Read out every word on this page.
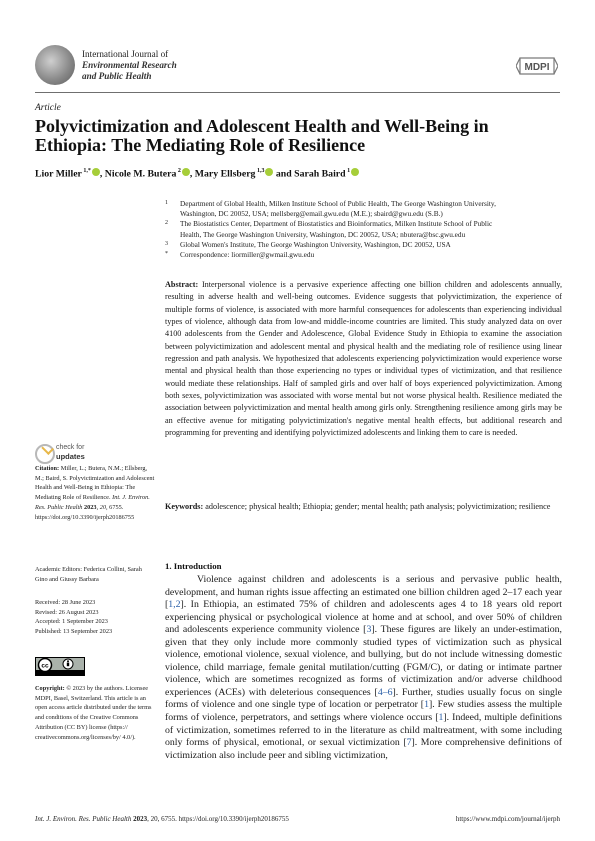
International Journal of
Environmental Research
and Public Health
MDPI
Article
Polyvictimization and Adolescent Health and Well-Being in Ethiopia: The Mediating Role of Resilience
Lior Miller $^{1,*}$ , Nicole M. Butera $^2$ , Mary Ellsberg $^{1,3}$ and Sarah Baird $^1$
1 Department of Global Health, Milken Institute School of Public Health, The George Washington University,
Washington, DC 20052, USA; mellsberg@email.gwu.edu (M.E.); sbaird@gwu.edu (S.B.)
2 The Biostatistics Center, Department of Biostatistics and Bioinformatics, Milken Institute School of Public
Health, The George Washington University, Washington, DC 20052, USA; nbutera@bsc.gwu.edu
3 Global Women's Institute, The George Washington University, Washington, DC 20052, USA
* Correspondence: liormiller@gwmail.gwu.edu
Abstract: Interpersonal violence is a pervasive experience affecting one billion children and adolescents annually, resulting in adverse health and well-being outcomes. Evidence suggests that polyvictimization, the experience of multiple forms of violence, is associated with more harmful consequences for adolescents than experiencing individual types of violence, although data from low-and middle-income countries are limited. This study analyzed data on over 4100 adolescents from the Gender and Adolescence, Global Evidence Study in Ethiopia to examine the association between polyvictimization and adolescent mental and physical health and the mediating role of resilience using linear regression and path analysis. We hypothesized that adolescents experiencing polyvictimization would experience worse mental and physical health than those experiencing no types or individual types of victimization, and that resilience would mediate these relationships. Half of sampled girls and over half of boys experienced polyvictimization. Among both sexes, polyvictimization was associated with worse mental but not worse physical health. Resilience mediated the association between polyvictimization and mental health among girls only. Strengthening resilience among girls may be an effective avenue for mitigating polyvictimization's negative mental health effects, but additional research and programming for preventing and identifying polyvictimized adolescents and linking them to care is needed.
Keywords: adolescence; physical health; Ethiopia; gender; mental health; path analysis; polyvictimization; resilience
check for
updates
Citation: Miller, L.; Butera, N.M.; Ellsberg, M.; Baird, S. Polyvictimization and Adolescent Health and Well-Being in Ethiopia: The Mediating Role of Resilience. Int. J. Environ. Res. Public Health 2023, 20, 6755. https://doi.org/10.3390/ijerph20186755
Academic Editors: Federica Collini, Sarah Gino and Giussy Barbara
Received: 28 June 2023
Revised: 26 August 2023
Accepted: 1 September 2023
Published: 13 September 2023
cc
Copyright: © 2023 by the authors. Licensee MDPI, Basel, Switzerland. This article is an open access article distributed under the terms and conditions of the Creative Commons Attribution (CC BY) license (https:// creativecommons.org/licenses/by/ 4.0/).
1. Introduction
Violence against children and adolescents is a serious and pervasive public health, development, and human rights issue affecting an estimated one billion children aged 2–17 each year [1,2]. In Ethiopia, an estimated 75% of children and adolescents ages 4 to 18 years old report experiencing physical or psychological violence at home and at school, and over 50% of children and adolescents experience community violence [3]. These figures are likely an under-estimation, given that they only include more commonly studied types of victimization such as physical violence, emotional violence, sexual violence, and bullying, but do not include witnessing domestic violence, child marriage, female genital mutilation/cutting (FGM/C), or dating or intimate partner violence, which are sometimes recognized as forms of victimization and/or adverse childhood experiences (ACEs) with deleterious consequences [4–6]. Further, studies usually focus on single forms of violence and one single type of location or perpetrator [1]. Few studies assess the multiple forms of violence, perpetrators, and settings where violence occurs [1]. Indeed, multiple definitions of victimization, sometimes referred to in the literature as child maltreatment, with some including only forms of physical, emotional, or sexual victimization [7]. More comprehensive definitions of victimization also include peer and sibling victimization,
Int. J. Environ. Res. Public Health 2023, 20, 6755. https://doi.org/10.3390/ijerph20186755	https://www.mdpi.com/journal/ijerph
